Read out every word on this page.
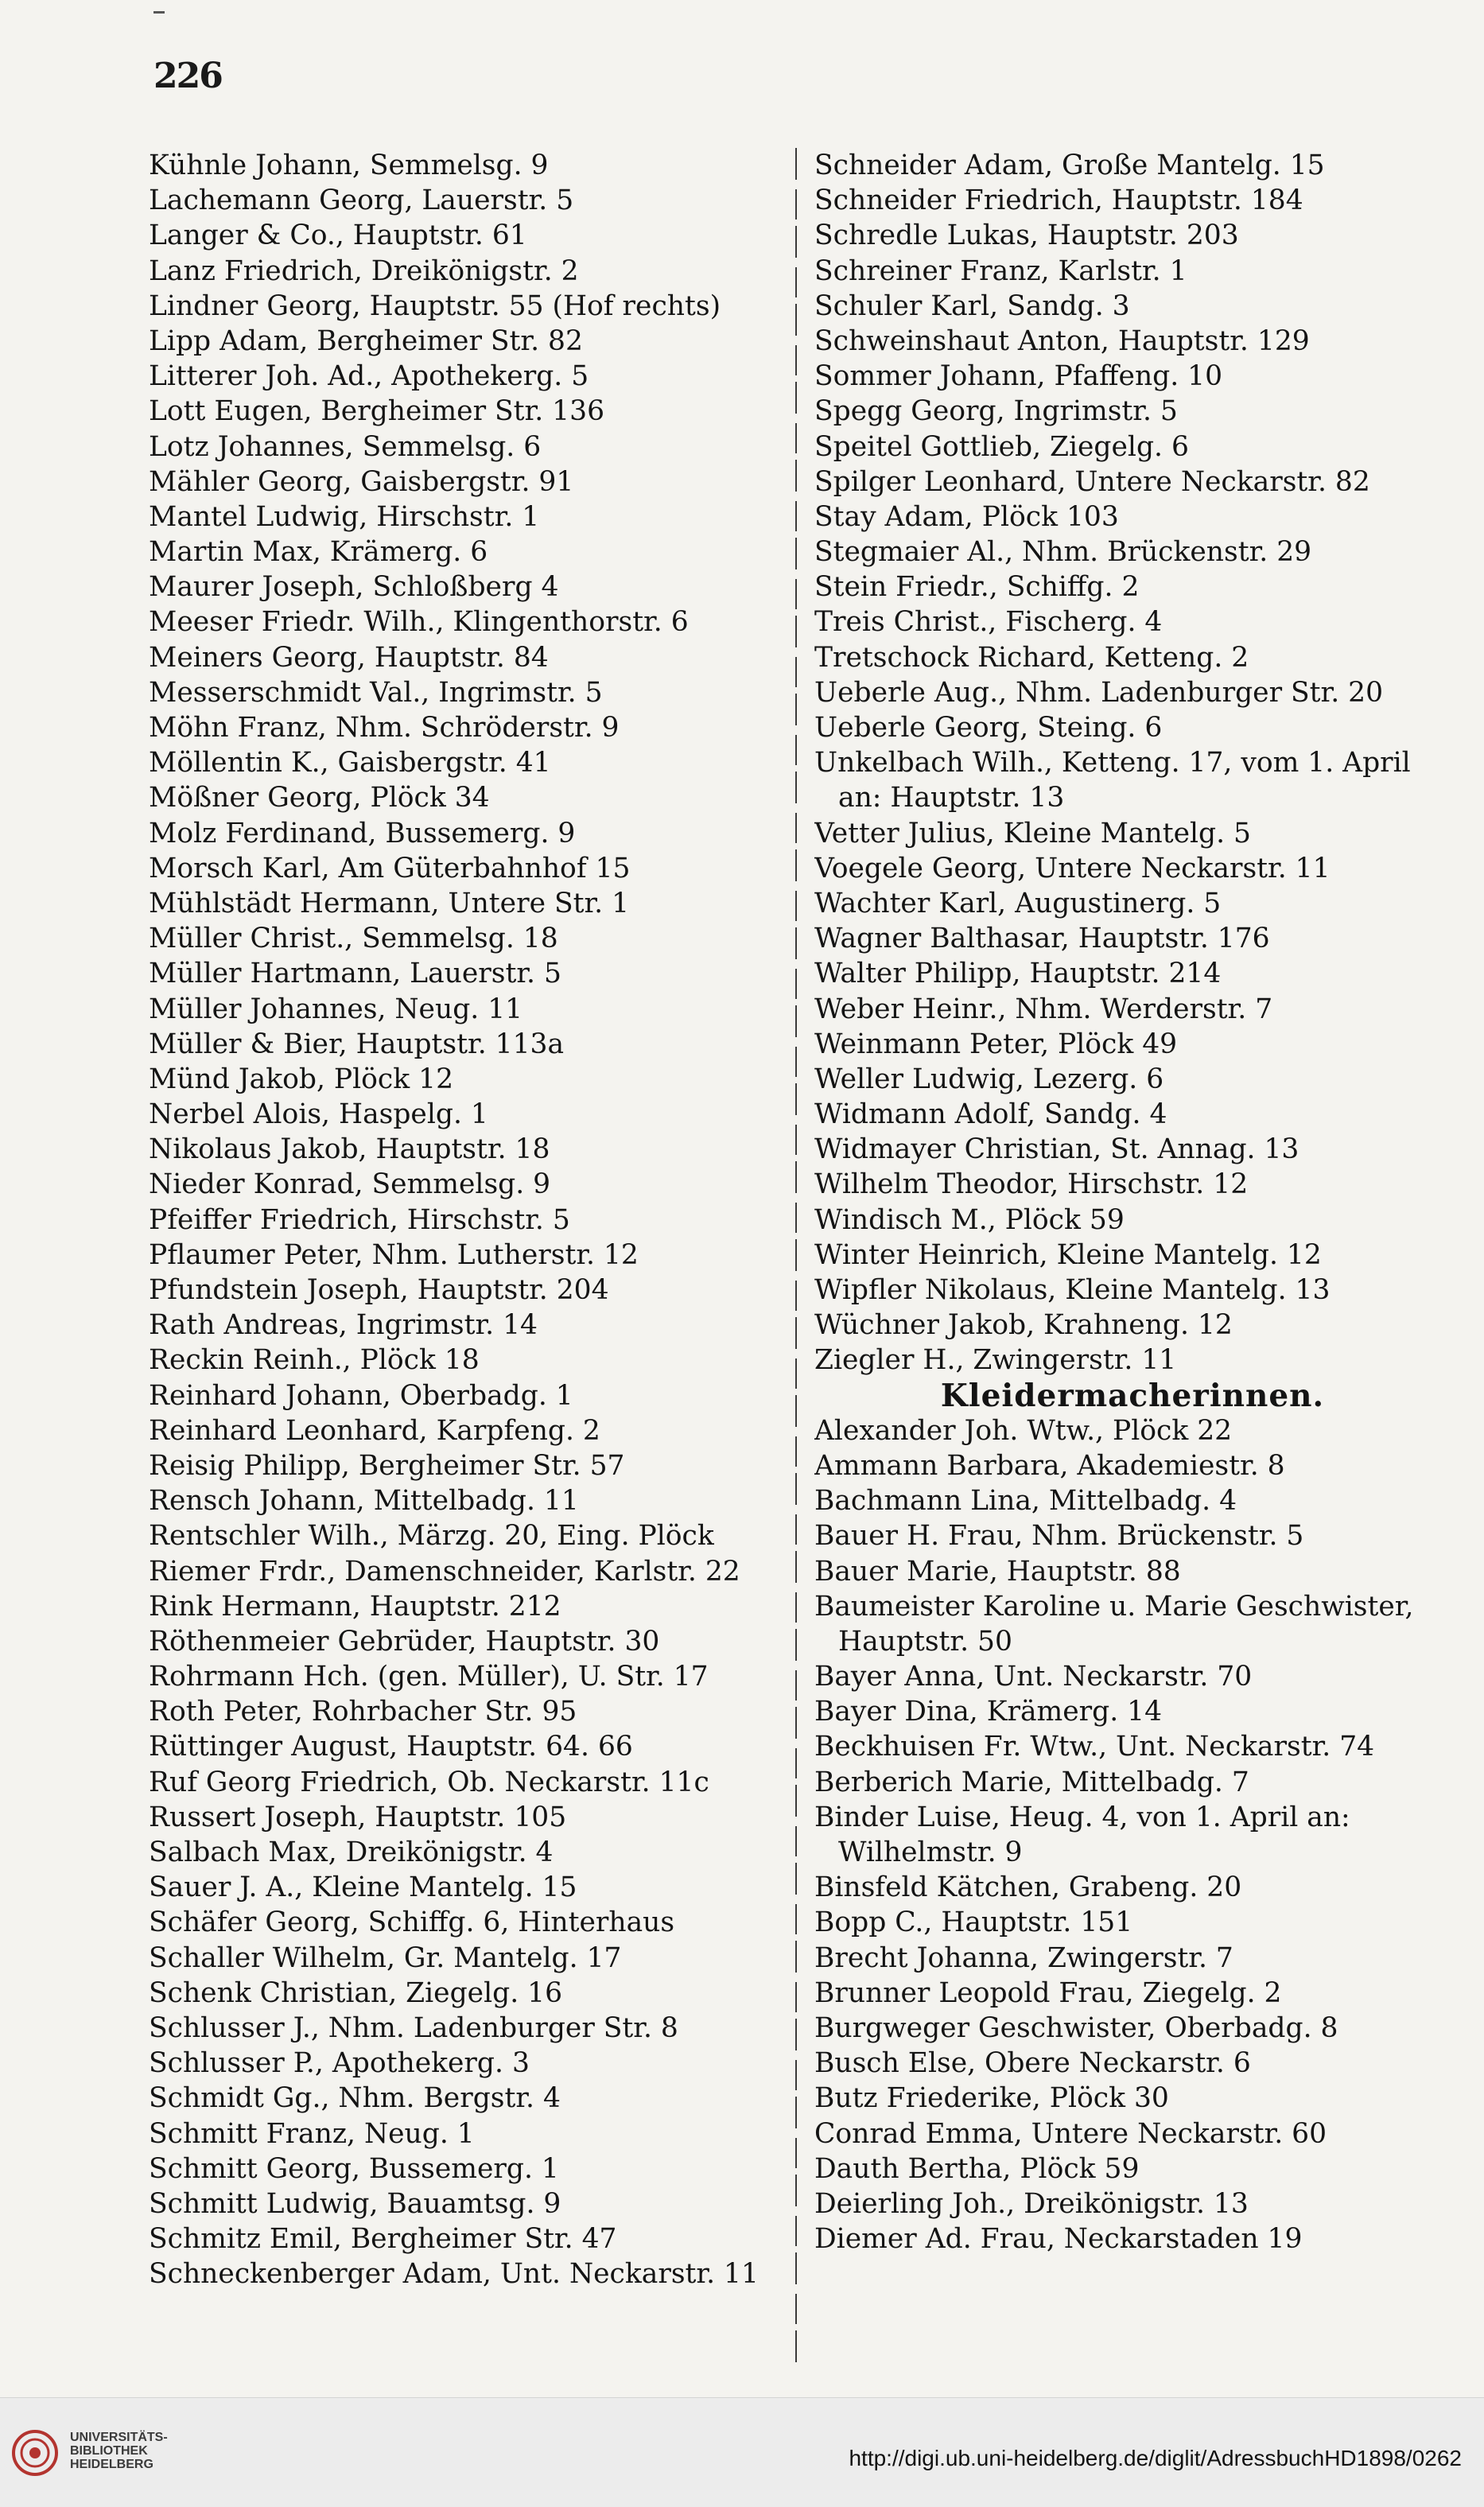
226
Kühnle Johann, Semmelsg. 9
Lachemann Georg, Lauerstr. 5
Langer & Co., Hauptstr. 61
Lanz Friedrich, Dreikönigstr. 2
Lindner Georg, Hauptstr. 55 (Hof rechts)
Lipp Adam, Bergheimer Str. 82
Litterer Joh. Ad., Apothekerg. 5
Lott Eugen, Bergheimer Str. 136
Lotz Johannes, Semmelsg. 6
Mähler Georg, Gaisbergstr. 91
Mantel Ludwig, Hirschstr. 1
Martin Max, Krämerg. 6
Maurer Joseph, Schloßberg 4
Meeser Friedr. Wilh., Klingenthorstr. 6
Meiners Georg, Hauptstr. 84
Messerschmidt Val., Ingrimstr. 5
Möhn Franz, Nhm. Schröderstr. 9
Möllentin K., Gaisbergstr. 41
Mößner Georg, Plöck 34
Molz Ferdinand, Bussemerg. 9
Morsch Karl, Am Güterbahnhof 15
Mühlstädt Hermann, Untere Str. 1
Müller Christ., Semmelsg. 18
Müller Hartmann, Lauerstr. 5
Müller Johannes, Neug. 11
Müller & Bier, Hauptstr. 113a
Münd Jakob, Plöck 12
Nerbel Alois, Haspelg. 1
Nikolaus Jakob, Hauptstr. 18
Nieder Konrad, Semmelsg. 9
Pfeiffer Friedrich, Hirschstr. 5
Pflaumer Peter, Nhm. Lutherstr. 12
Pfundstein Joseph, Hauptstr. 204
Rath Andreas, Ingrimstr. 14
Reckin Reinh., Plöck 18
Reinhard Johann, Oberbadg. 1
Reinhard Leonhard, Karpfeng. 2
Reisig Philipp, Bergheimer Str. 57
Rensch Johann, Mittelbadg. 11
Rentschler Wilh., Märzg. 20, Eing. Plöck
Riemer Frdr., Damenschneider, Karlstr. 22
Rink Hermann, Hauptstr. 212
Röthenmeier Gebrüder, Hauptstr. 30
Rohrmann Hch. (gen. Müller), U. Str. 17
Roth Peter, Rohrbacher Str. 95
Rüttinger August, Hauptstr. 64. 66
Ruf Georg Friedrich, Ob. Neckarstr. 11c
Russert Joseph, Hauptstr. 105
Salbach Max, Dreikönigstr. 4
Sauer J. A., Kleine Mantelg. 15
Schäfer Georg, Schiffg. 6, Hinterhaus
Schaller Wilhelm, Gr. Mantelg. 17
Schenk Christian, Ziegelg. 16
Schlusser J., Nhm. Ladenburger Str. 8
Schlusser P., Apothekerg. 3
Schmidt Gg., Nhm. Bergstr. 4
Schmitt Franz, Neug. 1
Schmitt Georg, Bussemerg. 1
Schmitt Ludwig, Bauamtsg. 9
Schmitz Emil, Bergheimer Str. 47
Schneckenberger Adam, Unt. Neckarstr. 11
Schneider Adam, Große Mantelg. 15
Schneider Friedrich, Hauptstr. 184
Schredle Lukas, Hauptstr. 203
Schreiner Franz, Karlstr. 1
Schuler Karl, Sandg. 3
Schweinshaut Anton, Hauptstr. 129
Sommer Johann, Pfaffeng. 10
Spegg Georg, Ingrimstr. 5
Speitel Gottlieb, Ziegelg. 6
Spilger Leonhard, Untere Neckarstr. 82
Stay Adam, Plöck 103
Stegmaier Al., Nhm. Brückenstr. 29
Stein Friedr., Schiffg. 2
Treis Christ., Fischerg. 4
Tretschock Richard, Ketteng. 2
Ueberle Aug., Nhm. Ladenburger Str. 20
Ueberle Georg, Steing. 6
Unkelbach Wilh., Ketteng. 17, vom 1. April
an: Hauptstr. 13
Vetter Julius, Kleine Mantelg. 5
Voegele Georg, Untere Neckarstr. 11
Wachter Karl, Augustinerg. 5
Wagner Balthasar, Hauptstr. 176
Walter Philipp, Hauptstr. 214
Weber Heinr., Nhm. Werderstr. 7
Weinmann Peter, Plöck 49
Weller Ludwig, Lezerg. 6
Widmann Adolf, Sandg. 4
Widmayer Christian, St. Annag. 13
Wilhelm Theodor, Hirschstr. 12
Windisch M., Plöck 59
Winter Heinrich, Kleine Mantelg. 12
Wipfler Nikolaus, Kleine Mantelg. 13
Wüchner Jakob, Krahneng. 12
Ziegler H., Zwingerstr. 11
Kleidermacherinnen.
Alexander Joh. Wtw., Plöck 22
Ammann Barbara, Akademiestr. 8
Bachmann Lina, Mittelbadg. 4
Bauer H. Frau, Nhm. Brückenstr. 5
Bauer Marie, Hauptstr. 88
Baumeister Karoline u. Marie Geschwister,
Hauptstr. 50
Bayer Anna, Unt. Neckarstr. 70
Bayer Dina, Krämerg. 14
Beckhuisen Fr. Wtw., Unt. Neckarstr. 74
Berberich Marie, Mittelbadg. 7
Binder Luise, Heug. 4, von 1. April an:
Wilhelmstr. 9
Binsfeld Kätchen, Grabeng. 20
Bopp C., Hauptstr. 151
Brecht Johanna, Zwingerstr. 7
Brunner Leopold Frau, Ziegelg. 2
Burgweger Geschwister, Oberbadg. 8
Busch Else, Obere Neckarstr. 6
Butz Friederike, Plöck 30
Conrad Emma, Untere Neckarstr. 60
Dauth Bertha, Plöck 59
Deierling Joh., Dreikönigstr. 13
Diemer Ad. Frau, Neckarstaden 19
UNIVERSITÄTS-
BIBLIOTHEK
HEIDELBERG	http://digi.ub.uni-heidelberg.de/diglit/AdressbuchHD1898/0262
